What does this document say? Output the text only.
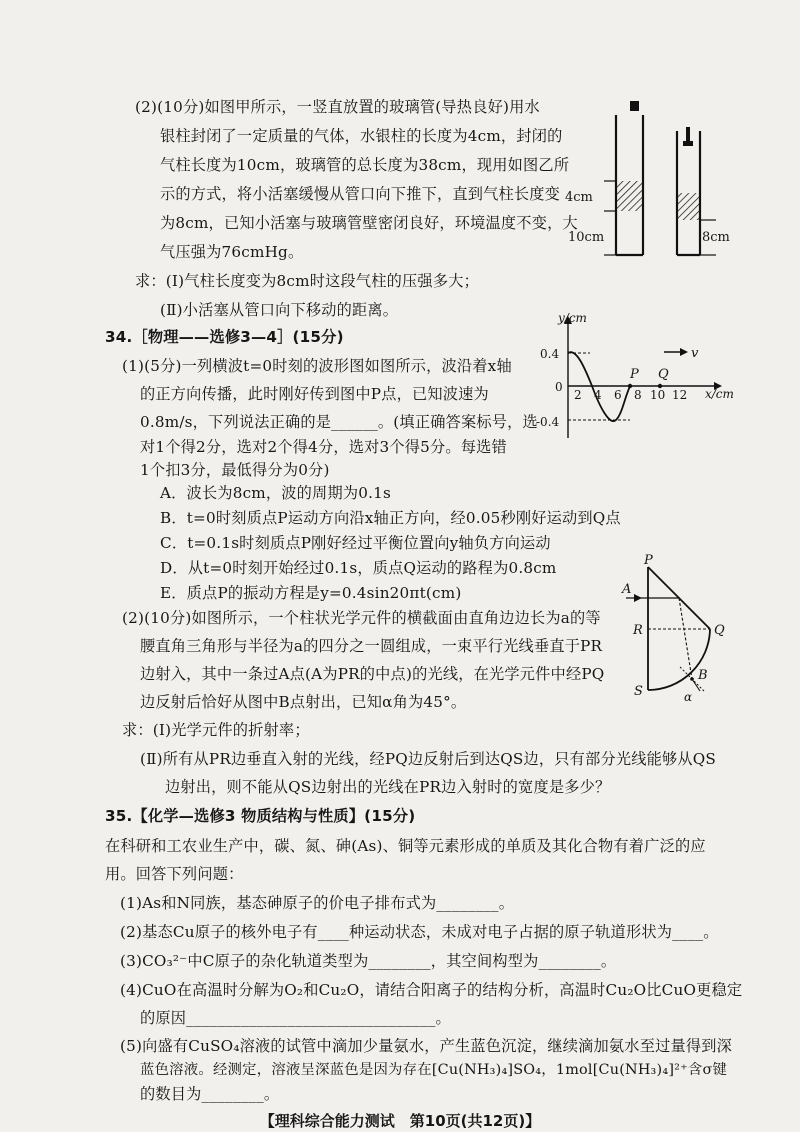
(2)(10分)如图甲所示，一竖直放置的玻璃管(导热良好)用水
银柱封闭了一定质量的气体，水银柱的长度为4cm，封闭的
气柱长度为10cm，玻璃管的总长度为38cm，现用如图乙所
示的方式，将小活塞缓慢从管口向下推下，直到气柱长度变
为8cm，已知小活塞与玻璃管壁密闭良好，环境温度不变，大
气压强为76cmHg。
求：(Ⅰ)气柱长度变为8cm时这段气柱的压强多大；
(Ⅱ)小活塞从管口向下移动的距离。
4cm
10cm	8cm
34.［物理——选修3—4］(15分)
(1)(5分)一列横波t=0时刻的波形图如图所示，波沿着x轴
的正方向传播，此时刚好传到图中P点，已知波速为
0.8m/s，下列说法正确的是______。(填正确答案标号，选
对1个得2分，选对2个得4分，选对3个得5分。每选错
1个扣3分，最低得分为0分)
A．波长为8cm，波的周期为0.1s
B．t=0时刻质点P运动方向沿x轴正方向，经0.05秒刚好运动到Q点
C．t=0.1s时刻质点P刚好经过平衡位置向y轴负方向运动
D．从t=0时刻开始经过0.1s，质点Q运动的路程为0.8cm
E．质点P的振动方程是y=0.4sin20πt(cm)
y/cm
x/cm
0.4
0
-0.4
2 4 6 8 10 12
P Q
v
(2)(10分)如图所示，一个柱状光学元件的横截面由直角边边长为a的等
腰直角三角形与半径为a的四分之一圆组成，一束平行光线垂直于PR
边射入，其中一条过A点(A为PR的中点)的光线，在光学元件中经PQ
边反射后恰好从图中B点射出，已知α角为45°。
求：(Ⅰ)光学元件的折射率；
(Ⅱ)所有从PR边垂直入射的光线，经PQ边反射后到达QS边，只有部分光线能够从QS
边射出，则不能从QS边射出的光线在PR边入射时的宽度是多少？
P
A
R	Q
S
B
α
35.【化学—选修3 物质结构与性质】(15分)
在科研和工农业生产中，碳、氮、砷(As)、铜等元素形成的单质及其化合物有着广泛的应
用。回答下列问题：
(1)As和N同族，基态砷原子的价电子排布式为________。
(2)基态Cu原子的核外电子有____种运动状态，未成对电子占据的原子轨道形状为____。
(3)CO₃²⁻中C原子的杂化轨道类型为________，其空间构型为________。
(4)CuO在高温时分解为O₂和Cu₂O，请结合阳离子的结构分析，高温时Cu₂O比CuO更稳定
的原因________________________________。
(5)向盛有CuSO₄溶液的试管中滴加少量氨水，产生蓝色沉淀，继续滴加氨水至过量得到深
蓝色溶液。经测定，溶液呈深蓝色是因为存在[Cu(NH₃)₄]SO₄，1mol[Cu(NH₃)₄]²⁺含σ键
的数目为________。
【理科综合能力测试　第10页(共12页)】
